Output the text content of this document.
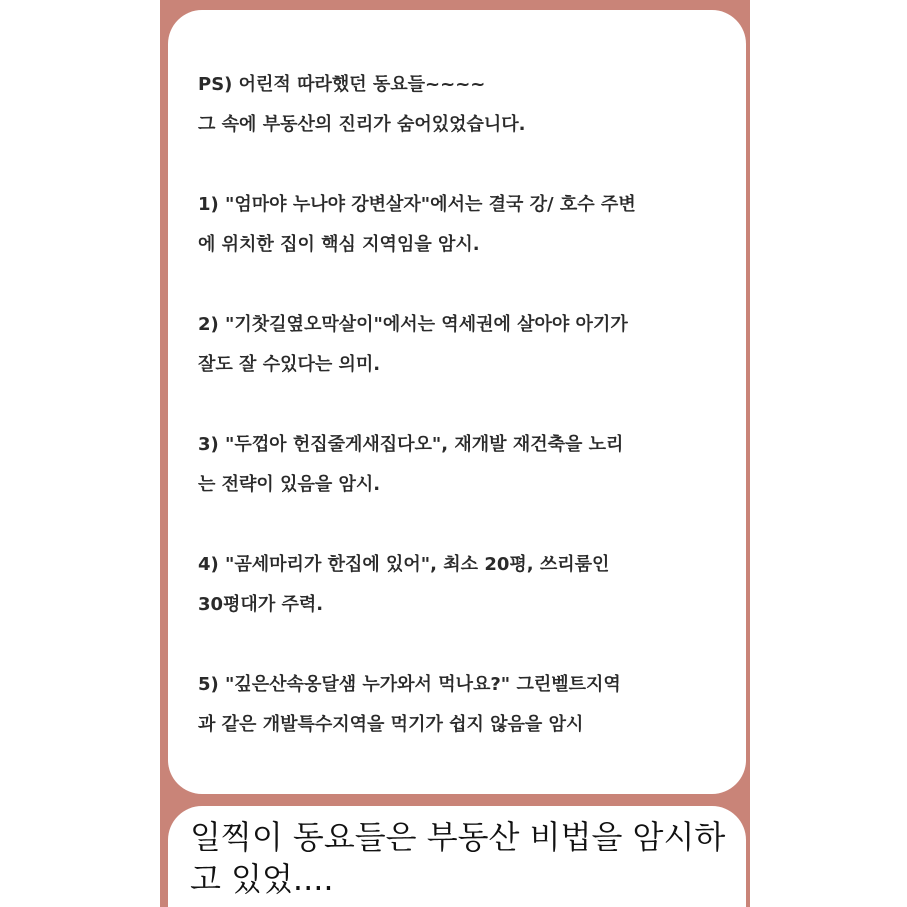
PS) 어린적 따라했던 동요들~~~~
그 속에 부동산의 진리가 숨어있었습니다.

1) "엄마야 누나야 강변살자"에서는 결국 강/ 호수 주변
에 위치한 집이 핵심 지역임을 암시.

2) "기찻길옆오막살이"에서는 역세권에 살아야 아기가
잘도 잘 수있다는 의미.

3) "두껍아 헌집줄게새집다오", 재개발 재건축을 노리
는 전략이 있음을 암시.

4) "곰세마리가 한집에 있어", 최소 20평, 쓰리룸인
30평대가 주력.

5) "깊은산속옹달샘 누가와서 먹나요?" 그린벨트지역
과 같은 개발특수지역을 먹기가 쉽지 않음을 암시

일찍이 동요들은 부동산 비법을 암시하
고 있었....
